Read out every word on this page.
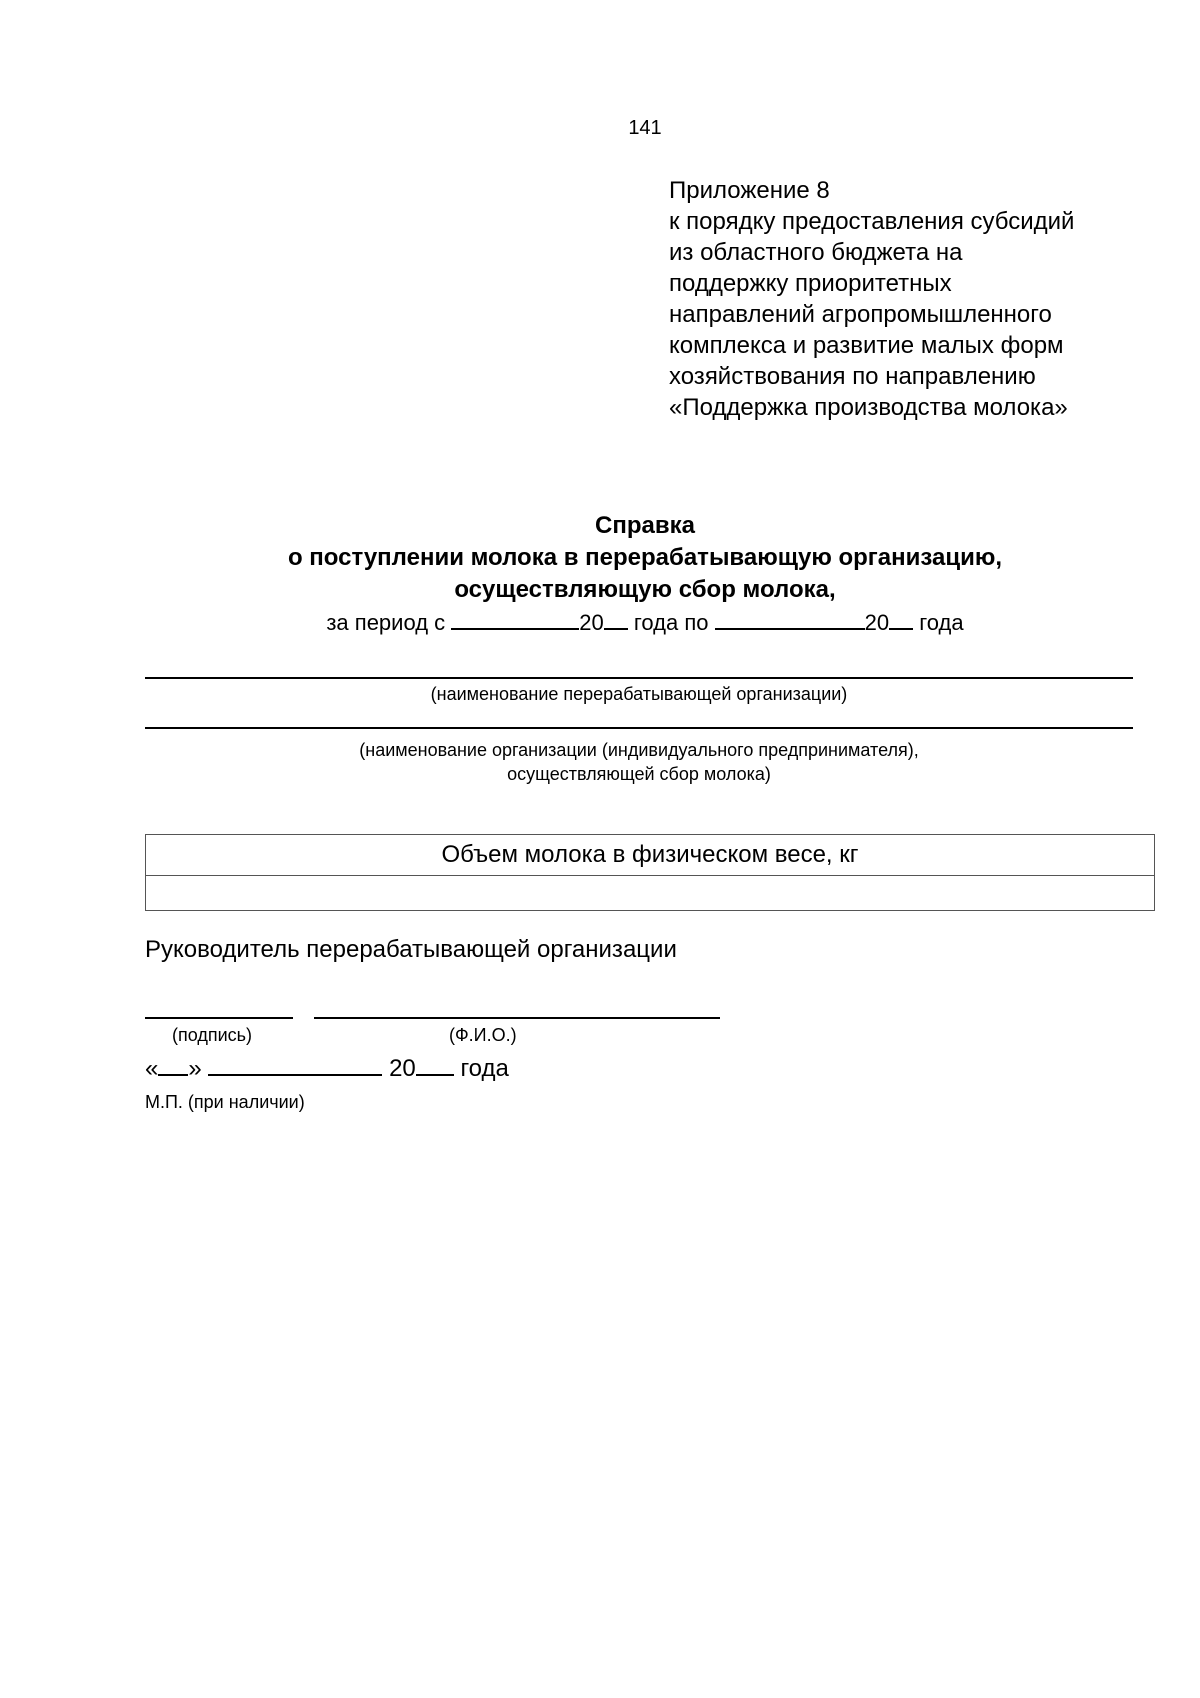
141
Приложение 8
к порядку предоставления субсидий
из областного бюджета на
поддержку приоритетных
направлений агропромышленного
комплекса и развитие малых форм
хозяйствования по направлению
«Поддержка производства молока»
Справка
о поступлении молока в перерабатывающую организацию,
осуществляющую сбор молока,
за период с	20 года по	20 года
(наименование перерабатывающей организации)
(наименование организации (индивидуального предпринимателя),
осуществляющей сбор молока)
Объем молока в физическом весе, кг

Руководитель перерабатывающей организации
(подпись)	(Ф.И.О.)
« »	20 года
М.П. (при наличии)
